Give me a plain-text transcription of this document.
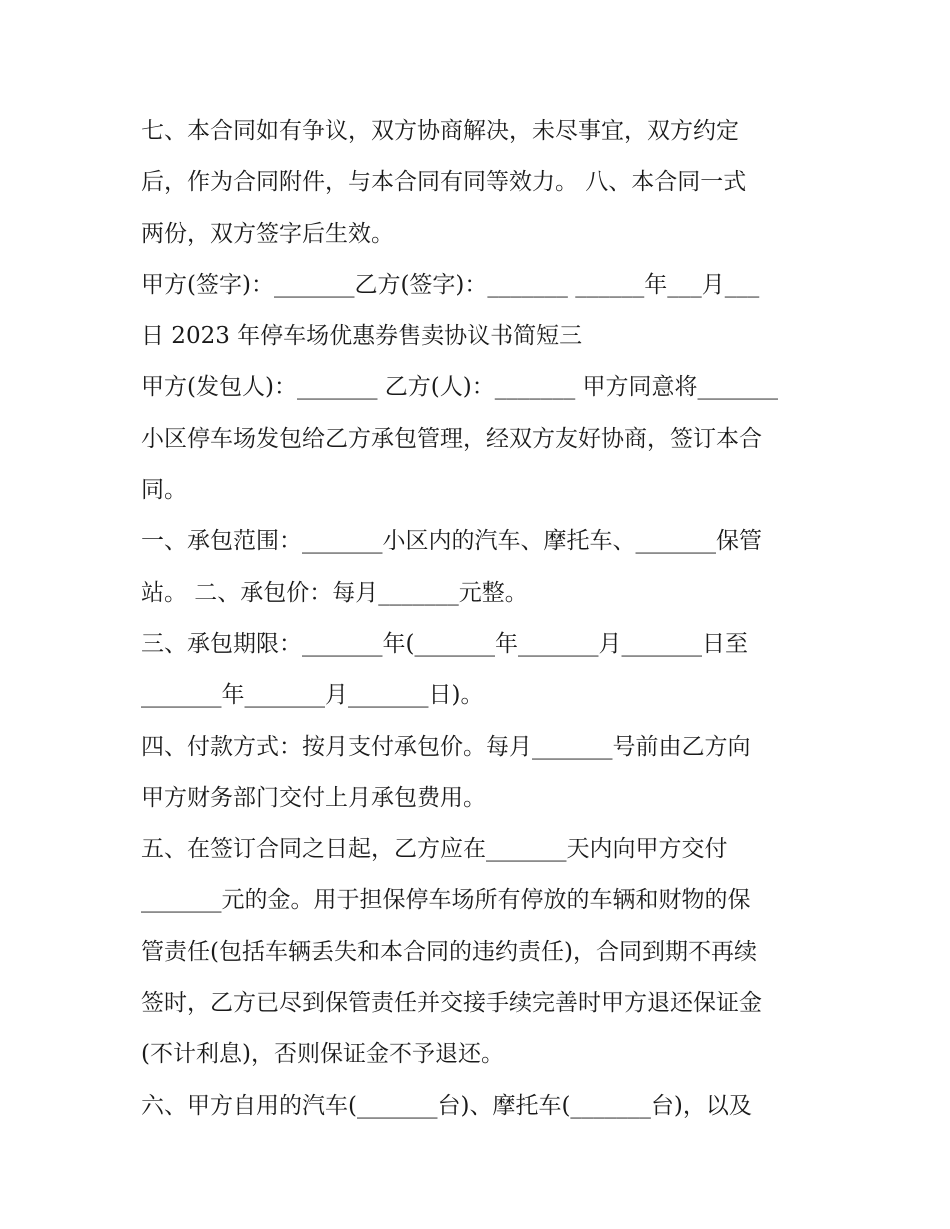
七、本合同如有争议，双方协商解决，未尽事宜，双方约定
后，作为合同附件，与本合同有同等效力。 八、本合同一式
两份，双方签字后生效。
甲方(签字)：_______乙方(签字)：_______ ______年___月___
日 2023 年停车场优惠券售卖协议书简短三
甲方(发包人)：_______ 乙方(人)：_______ 甲方同意将_______
小区停车场发包给乙方承包管理，经双方友好协商，签订本合
同。
一、承包范围：_______小区内的汽车、摩托车、_______保管
站。 二、承包价：每月_______元整。
三、承包期限：_______年(_______年_______月_______日至
_______年_______月_______日)。
四、付款方式：按月支付承包价。每月_______号前由乙方向
甲方财务部门交付上月承包费用。
五、在签订合同之日起，乙方应在_______天内向甲方交付
_______元的金。用于担保停车场所有停放的车辆和财物的保
管责任(包括车辆丢失和本合同的违约责任)，合同到期不再续
签时，乙方已尽到保管责任并交接手续完善时甲方退还保证金
(不计利息)，否则保证金不予退还。
六、甲方自用的汽车(_______台)、摩托车(_______台)，以及
